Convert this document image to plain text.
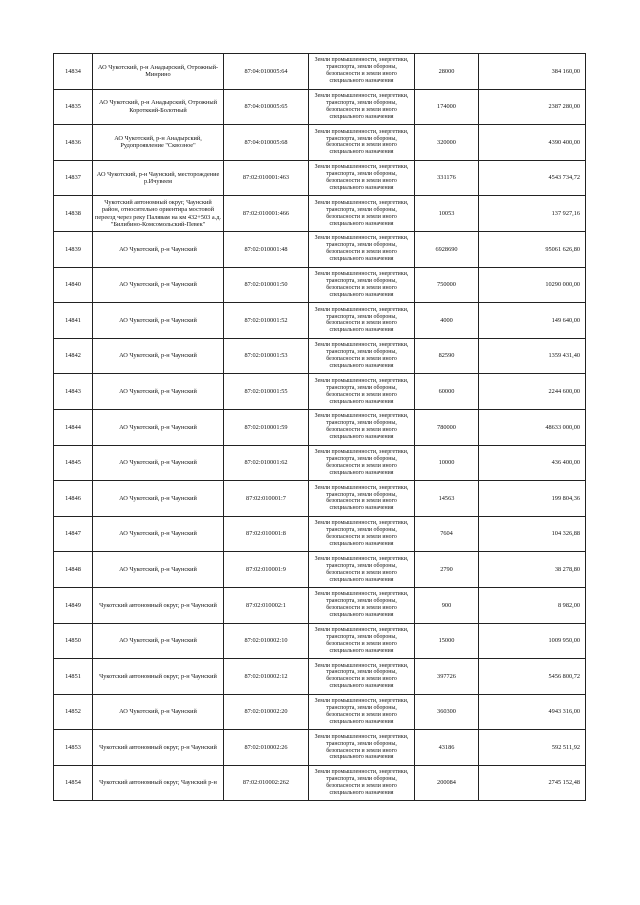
14834	АО Чукотский, р-н Анадырский, Отрожный-Минрино	87:04:010005:64	Земли промышленности, энергетики, транспорта, земли обороны, безопасности и земли иного специального назначения	28000	384 160,00
14835	АО Чукотский, р-н Анадырский, Отрожный Коротккий-Болотный	87:04:010005:65	Земли промышленности, энергетики, транспорта, земли обороны, безопасности и земли иного специального назначения	174000	2387 280,00
14836	АО Чукотский, р-н Анадырский, Рудопроявление "Сквозное"	87:04:010005:68	Земли промышленности, энергетики, транспорта, земли обороны, безопасности и земли иного специального назначения	320000	4390 400,00
14837	АО Чукотский, р-н Чаунский, месторождение р.Ичувеем	87:02:010001:463	Земли промышленности, энергетики, транспорта, земли обороны, безопасности и земли иного специального назначения	331176	4543 734,72
14838	Чукотский автономный округ, Чаунский район, относительно ориентира мостовой переезд через реку Палявам на км 432+503 а.д. "Билибино-Комсомольский-Певек"	87:02:010001:466	Земли промышленности, энергетики, транспорта, земли обороны, безопасности и земли иного специального назначения	10053	137 927,16
14839	АО Чукотский, р-н Чаунский	87:02:010001:48	Земли промышленности, энергетики, транспорта, земли обороны, безопасности и земли иного специального назначения	6928690	95061 626,80
14840	АО Чукотский, р-н Чаунский	87:02:010001:50	Земли промышленности, энергетики, транспорта, земли обороны, безопасности и земли иного специального назначения	750000	10290 000,00
14841	АО Чукотский, р-н Чаунский	87:02:010001:52	Земли промышленности, энергетики, транспорта, земли обороны, безопасности и земли иного специального назначения	4000	149 640,00
14842	АО Чукотский, р-н Чаунский	87:02:010001:53	Земли промышленности, энергетики, транспорта, земли обороны, безопасности и земли иного специального назначения	82590	1359 431,40
14843	АО Чукотский, р-н Чаунский	87:02:010001:55	Земли промышленности, энергетики, транспорта, земли обороны, безопасности и земли иного специального назначения	60000	2244 600,00
14844	АО Чукотский, р-н Чаунский	87:02:010001:59	Земли промышленности, энергетики, транспорта, земли обороны, безопасности и земли иного специального назначения	780000	48633 000,00
14845	АО Чукотский, р-н Чаунский	87:02:010001:62	Земли промышленности, энергетики, транспорта, земли обороны, безопасности и земли иного специального назначения	10000	436 400,00
14846	АО Чукотский, р-н Чаунский	87:02:010001:7	Земли промышленности, энергетики, транспорта, земли обороны, безопасности и земли иного специального назначения	14563	199 804,36
14847	АО Чукотский, р-н Чаунский	87:02:010001:8	Земли промышленности, энергетики, транспорта, земли обороны, безопасности и земли иного специального назначения	7604	104 326,88
14848	АО Чукотский, р-н Чаунский	87:02:010001:9	Земли промышленности, энергетики, транспорта, земли обороны, безопасности и земли иного специального назначения	2790	38 278,80
14849	Чукотский автономный округ, р-н Чаунский	87:02:010002:1	Земли промышленности, энергетики, транспорта, земли обороны, безопасности и земли иного специального назначения	900	8 982,00
14850	АО Чукотский, р-н Чаунский	87:02:010002:10	Земли промышленности, энергетики, транспорта, земли обороны, безопасности и земли иного специального назначения	15000	1009 950,00
14851	Чукотский автономный округ, р-н Чаунский	87:02:010002:12	Земли промышленности, энергетики, транспорта, земли обороны, безопасности и земли иного специального назначения	397726	5456 800,72
14852	АО Чукотский, р-н Чаунский	87:02:010002:20	Земли промышленности, энергетики, транспорта, земли обороны, безопасности и земли иного специального назначения	360300	4943 316,00
14853	Чукотский автономный округ, р-н Чаунский	87:02:010002:26	Земли промышленности, энергетики, транспорта, земли обороны, безопасности и земли иного специального назначения	43186	592 511,92
14854	Чукотский автономный округ, Чаунский р-н	87:02:010002:262	Земли промышленности, энергетики, транспорта, земли обороны, безопасности и земли иного специального назначения	200084	2745 152,48
